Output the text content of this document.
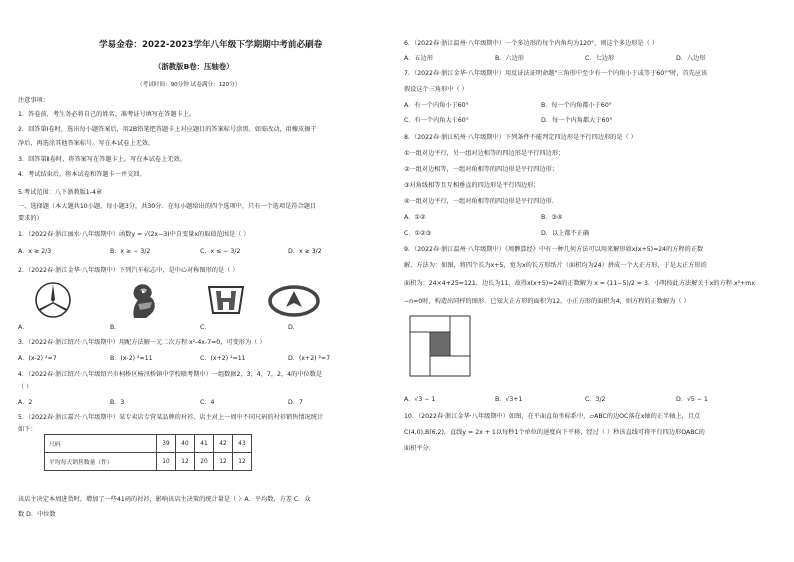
学易金卷：2022-2023学年八年级下学期期中考前必刷卷
（浙教版B卷：压轴卷）
（考试时间：90分钟 试卷满分：120分）
注意事项：
1．答卷前，考生务必将自己的姓名、准考证号填写在答题卡上。
2．回答第Ⅰ卷时，选出每小题答案后，用2B铅笔把答题卡上对应题目的答案标号涂黑。如需改动，用橡皮擦干
净后，再选涂其他答案标号。写在本试卷上无效。
3．回答第Ⅱ卷时，将答案写在答题卡上。写在本试卷上无效。
4．考试结束后，将本试卷和答题卡一并交回。
5.考试范围：八下浙教版1-4章
一、选择题（本大题共10小题，每小题3分，共30分．在每小题给出的四个选项中，只有一个选项是符合题目
要求的）
1．（2022春·浙江丽水·八年级期中）函数y = √(2x−3)中自变量x的取值范围是（ ）
A．x ≥ 2/3	B．x ≥ − 3/2	C．x ≤ − 3/2	D．x ≥ 3/2
2．（2022春·浙江金华·八年级期中）下列汽车标志中，是中心对称图形的是（ ）
A．	B．	C．	D．
3．（2022春·浙江绍兴·八年级期中）用配方法解一元二次方程 x²-4x-7=0，可变形为（ ）
A．(x-2) ²=7	B．(x-2) ²=11	C．(x+2) ²=11	D．(x+2) ²=7
4．（2022春·浙江绍兴·八年级绍兴市柯桥区杨汛桥镇中学校联考期中）一组数据2，3，4，7，2，4的中位数是
（ ）
A．2	B．3	C．4	D．7
5．（2022春·浙江嘉兴·八年级期中）某专卖店专营某品牌的衬衫，店主对上一周中不同尺码的衬衫销售情况统计
如下：
尺码	39	40	41	42	43
平均每天销售数量（件）	10	12	20	12	12
该店主决定本周进货时，增加了一些41码的衬衫，影响该店主决策的统计量是（ ）A．平均数，方差 C．众
数 D．中位数
6．（2022春·浙江温州·八年级期中）一个多边形的每个内角均为120°，则这个多边形是（ ）
A．五边形	B．六边形	C．七边形	D．八边形
7．（2022春·浙江金华·八年级期中）用反证法证明命题"三角形中至少有一个内角小于或等于60°"时，首先应该
假设这个三角形中（ ）
A．有一个内角小于60°	B．每一个内角都小于60°
C．有一个内角大于60°	D．每一个内角都大于60°
8．（2022春·浙江杭州·八年级期中）下列条件不能判定四边形是平行四边形的是（ ）
①一组对边平行，另一组对边相等的四边形是平行四边形；
②一组对边相等，一组对角相等的四边形是平行四边形；
③对角线相等且互相垂直的四边形是平行四边形；
④一组对边平行，一组对角相等的四边形是平行四边形．
A．①②	B．③④
C．①②③	D．以上都不正确
9．（2022春·浙江温州·八年级期中）《周髀算经》中有一种几何方法可以用来解形如x(x+5)=24的方程的正数
解，方法为：如图，将四个长为x+5，宽为x的长方形纸片（面积均为24）拼成一个大正方形，于是大正方形的
面积为：24×4+25=121，边长为11，故得x(x+5)=24的正数解为 x = (11−5)/2 = 3．小明按此方法解关于x的方程 x²+mx
−n=0时，构造出同样的图形．已知大正方形的面积为12，小正方形的面积为4，则方程的正数解为（ ）
A．√3 − 1	B．√3+1	C．3/2	D．√5 − 1
10．（2022春·浙江金华·八年级期中）如图，在平面直角坐标系中，▱ABC的边OC落在x轴的正半轴上，且点
C(4,0),B(6,2)，直线y = 2x + 1以每秒1个单位的速度向下平移，经过（ ）秒该直线可将平行四边形OABC的
面积平分．
